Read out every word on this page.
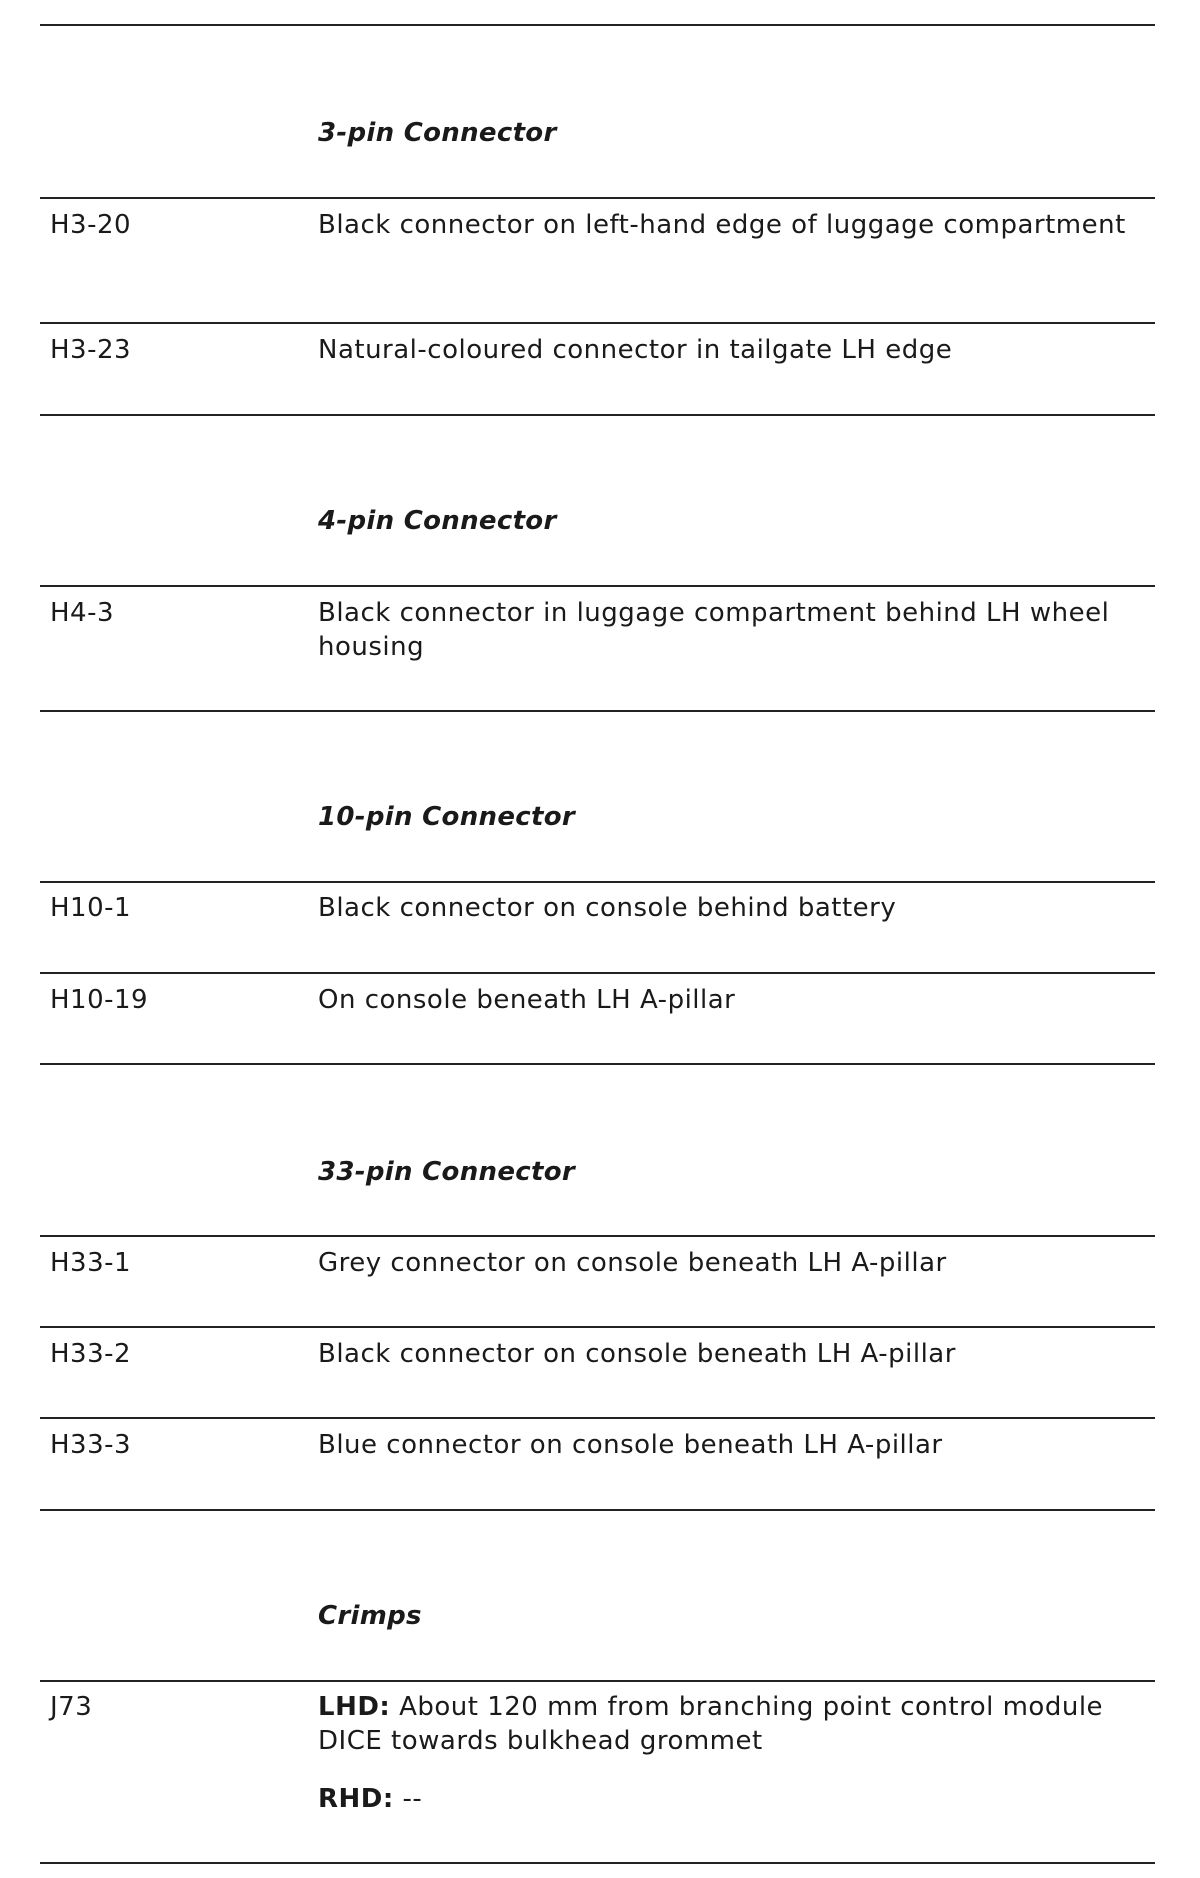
3-pin Connector
H3-20	Black connector on left-hand edge of luggage compartment
H3-23	Natural-coloured connector in tailgate LH edge
4-pin Connector
H4-3	Black connector in luggage compartment behind LH wheel housing
10-pin Connector
H10-1	Black connector on console behind battery
H10-19	On console beneath LH A-pillar
33-pin Connector
H33-1	Grey connector on console beneath LH A-pillar
H33-2	Black connector on console beneath LH A-pillar
H33-3	Blue connector on console beneath LH A-pillar
Crimps
J73	LHD: About 120 mm from branching point control module DICE towards bulkhead grommet

RHD: --
